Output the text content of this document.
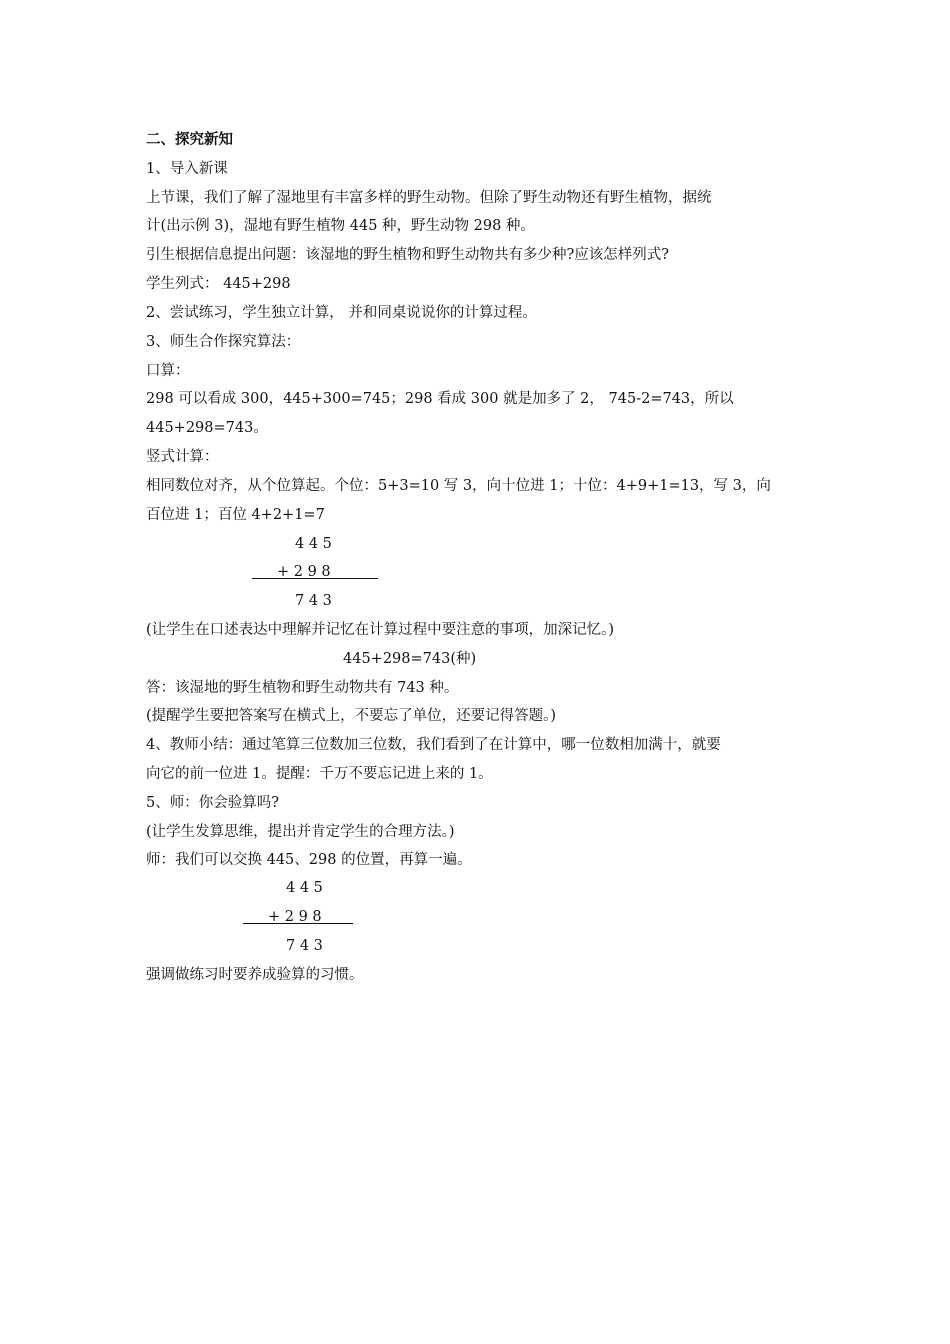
二、探究新知
1、导入新课
上节课，我们了解了湿地里有丰富多样的野生动物。但除了野生动物还有野生植物，据统
计(出示例 3)，湿地有野生植物 445 种，野生动物 298 种。
引生根据信息提出问题：该湿地的野生植物和野生动物共有多少种?应该怎样列式?
学生列式： 445+298
2、尝试练习，学生独立计算， 并和同桌说说你的计算过程。
3、师生合作探究算法：
口算：
298 可以看成 300，445+300=745；298 看成 300 就是加多了 2， 745-2=743，所以
445+298=743。
竖式计算：
相同数位对齐，从个位算起。个位：5+3=10 写 3，向十位进 1；十位：4+9+1=13，写 3，向
百位进 1；百位 4+2+1=7
4 4 5
+ 2 9 8
7 4 3
(让学生在口述表达中理解并记忆在计算过程中要注意的事项，加深记忆。)
445+298=743(种)
答：该湿地的野生植物和野生动物共有 743 种。
(提醒学生要把答案写在横式上，不要忘了单位，还要记得答题。)
4、教师小结：通过笔算三位数加三位数，我们看到了在计算中，哪一位数相加满十，就要
向它的前一位进 1。提醒：千万不要忘记进上来的 1。
5、师：你会验算吗?
(让学生发算思维，提出并肯定学生的合理方法。)
师：我们可以交换 445、298 的位置，再算一遍。
4 4 5
+ 2 9 8
7 4 3
强调做练习时要养成验算的习惯。
